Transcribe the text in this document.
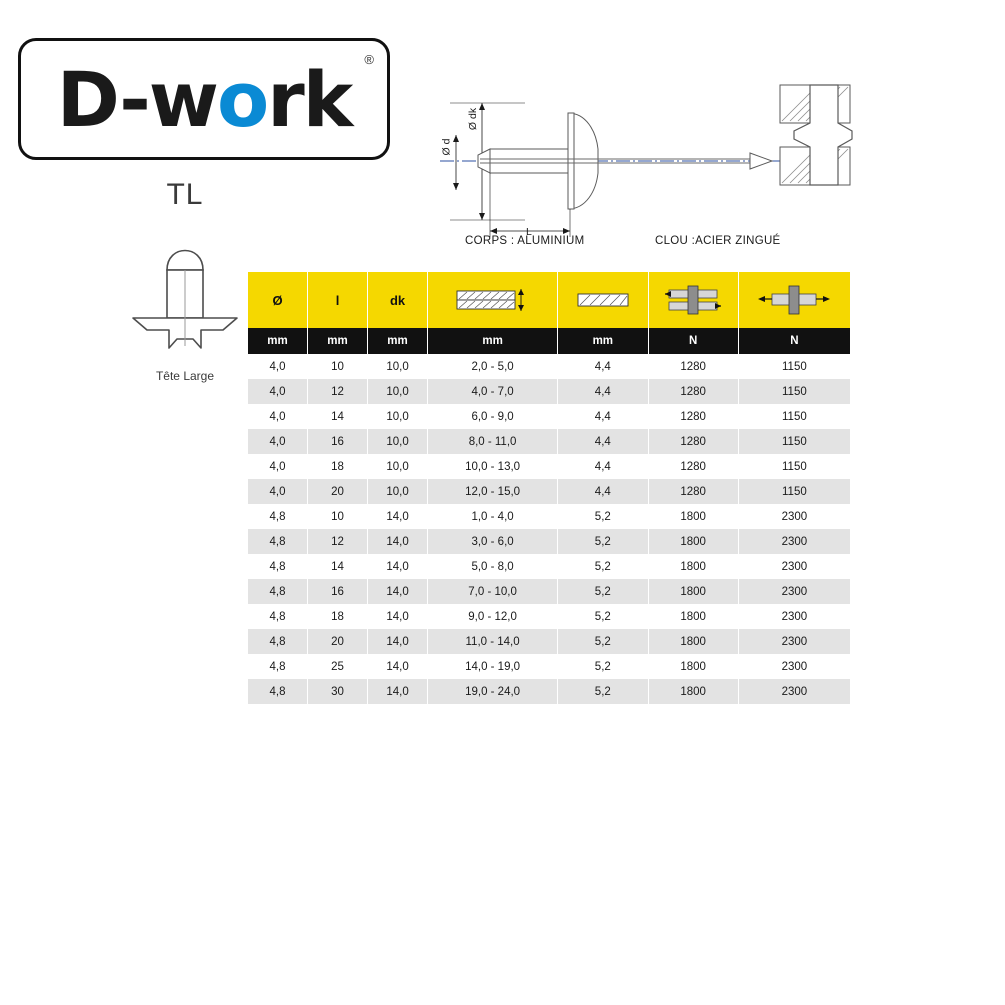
D-w o rk ®
TL
Tête Large
CORPS : ALUMINIUM	CLOU :ACIER ZINGUÉ
Ø d
Ø dk
L
Ø	l	dk	

mm	mm	mm	mm	mm	N	N
4,0	10	10,0	2,0 - 5,0	4,4	1280	1150
4,0	12	10,0	4,0 - 7,0	4,4	1280	1150
4,0	14	10,0	6,0 - 9,0	4,4	1280	1150
4,0	16	10,0	8,0 - 11,0	4,4	1280	1150
4,0	18	10,0	10,0 - 13,0	4,4	1280	1150
4,0	20	10,0	12,0 - 15,0	4,4	1280	1150
4,8	10	14,0	1,0 - 4,0	5,2	1800	2300
4,8	12	14,0	3,0 - 6,0	5,2	1800	2300
4,8	14	14,0	5,0 - 8,0	5,2	1800	2300
4,8	16	14,0	7,0 - 10,0	5,2	1800	2300
4,8	18	14,0	9,0 - 12,0	5,2	1800	2300
4,8	20	14,0	11,0 - 14,0	5,2	1800	2300
4,8	25	14,0	14,0 - 19,0	5,2	1800	2300
4,8	30	14,0	19,0 - 24,0	5,2	1800	2300
